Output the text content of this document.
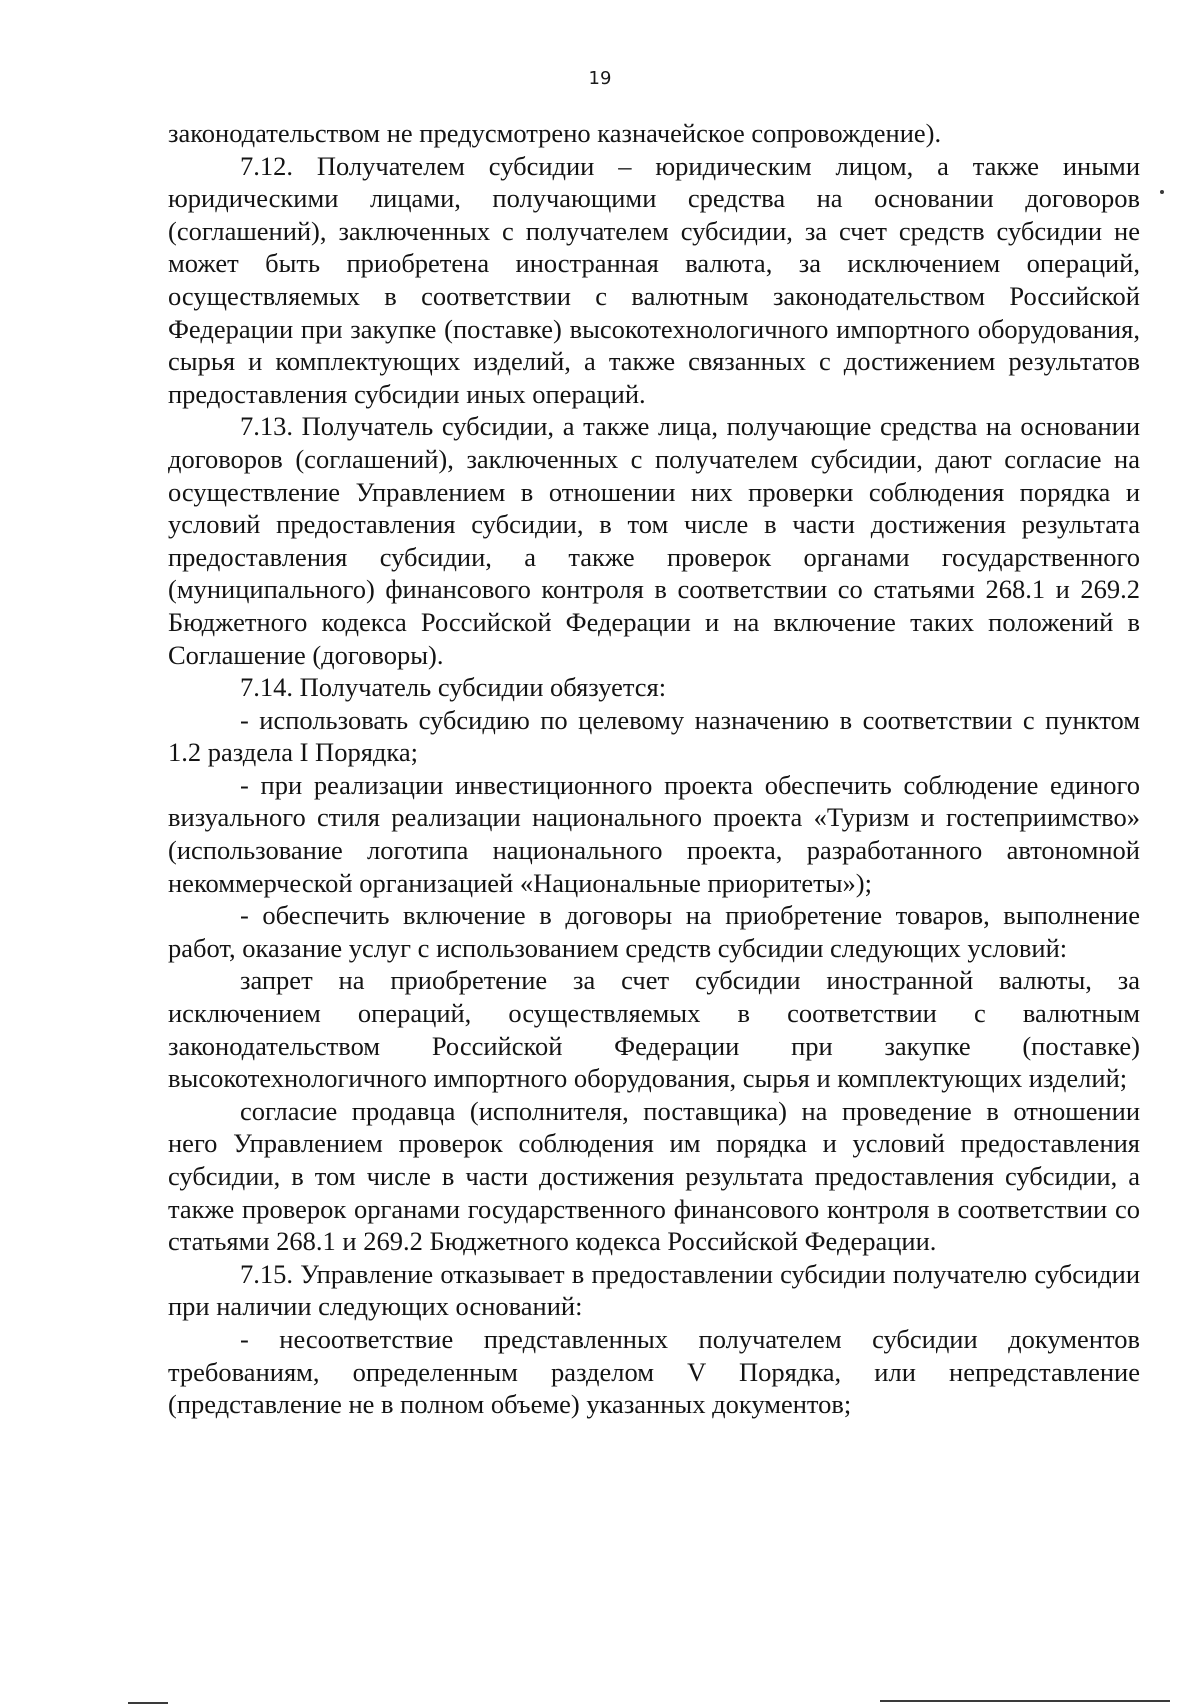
19

законодательством не предусмотрено казначейское сопровождение).

7.12. Получателем субсидии – юридическим лицом, а также иными юридическими лицами, получающими средства на основании договоров (соглашений), заключенных с получателем субсидии, за счет средств субсидии не может быть приобретена иностранная валюта, за исключением операций, осуществляемых в соответствии с валютным законодательством Российской Федерации при закупке (поставке) высокотехнологичного импортного оборудования, сырья и комплектующих изделий, а также связанных с достижением результатов предоставления субсидии иных операций.

7.13. Получатель субсидии, а также лица, получающие средства на основании договоров (соглашений), заключенных с получателем субсидии, дают согласие на осуществление Управлением в отношении них проверки соблюдения порядка и условий предоставления субсидии, в том числе в части достижения результата предоставления субсидии, а также проверок органами государственного (муниципального) финансового контроля в соответствии со статьями 268.1 и 269.2 Бюджетного кодекса Российской Федерации и на включение таких положений в Соглашение (договоры).

7.14. Получатель субсидии обязуется:

- использовать субсидию по целевому назначению в соответствии с пунктом 1.2 раздела I Порядка;

- при реализации инвестиционного проекта обеспечить соблюдение единого визуального стиля реализации национального проекта «Туризм и гостеприимство» (использование логотипа национального проекта, разработанного автономной некоммерческой организацией «Национальные приоритеты»);

- обеспечить включение в договоры на приобретение товаров, выполнение работ, оказание услуг с использованием средств субсидии следующих условий:

запрет на приобретение за счет субсидии иностранной валюты, за исключением операций, осуществляемых в соответствии с валютным законодательством Российской Федерации при закупке (поставке) высокотехнологичного импортного оборудования, сырья и комплектующих изделий;

согласие продавца (исполнителя, поставщика) на проведение в отношении него Управлением проверок соблюдения им порядка и условий предоставления субсидии, в том числе в части достижения результата предоставления субсидии, а также проверок органами государственного финансового контроля в соответствии со статьями 268.1 и 269.2 Бюджетного кодекса Российской Федерации.

7.15. Управление отказывает в предоставлении субсидии получателю субсидии при наличии следующих оснований:

- несоответствие представленных получателем субсидии документов требованиям, определенным разделом V Порядка, или непредставление (представление не в полном объеме) указанных документов;
